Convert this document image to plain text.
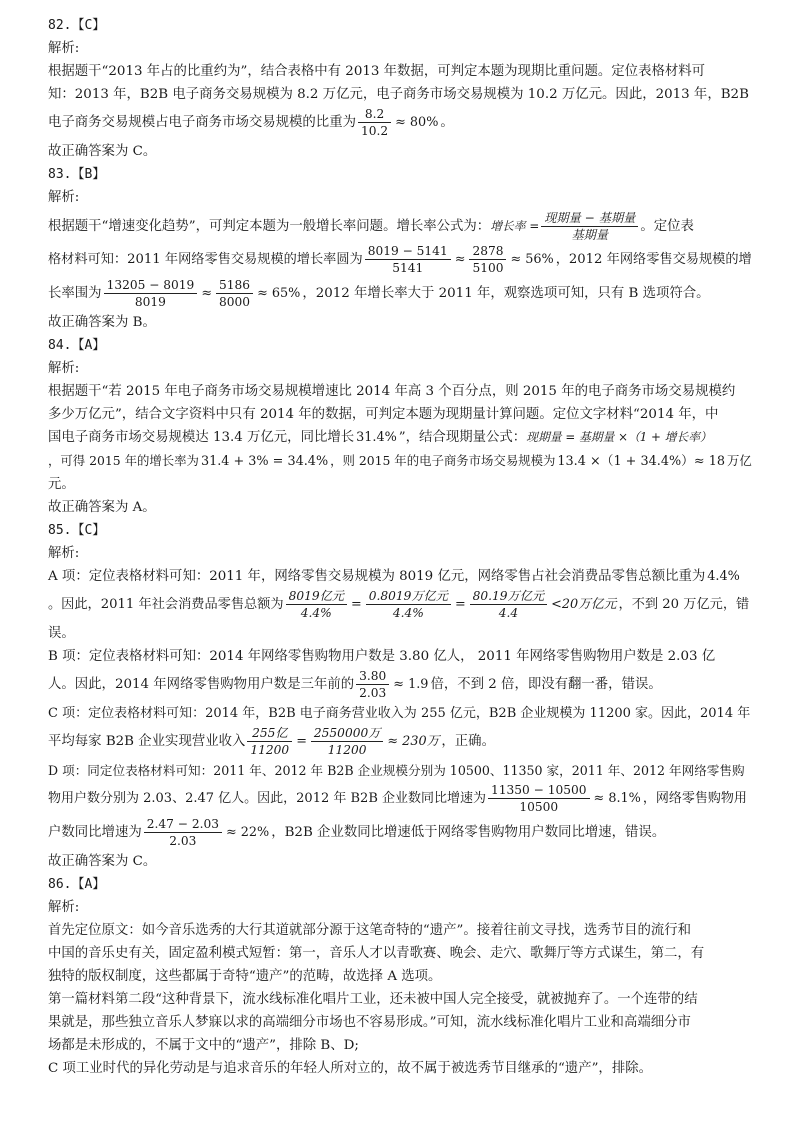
82.【C】
解析:
根据题干“2013 年占的比重约为”，结合表格中有 2013 年数据，可判定本题为现期比重问题。定位表格材料可
知：2013 年，B2B 电子商务交易规模为 8.2 万亿元，电子商务市场交易规模为 10.2 万亿元。因此，2013 年，B2B
电子商务交易规模占电子商务市场交易规模的比重为 $\frac{8.2}{10.2} \approx 80\%$ 。
故正确答案为 C。
83.【B】
解析:
根据题干“增速变化趋势”，可判定本题为一般增长率问题。增长率公式为：增长率 = $\frac{\text{现期量 − 基期量}}{\text{基期量}}$ 。定位表
格材料可知：2011 年网络零售交易规模的增长率圆为 $\frac{8019 - 5141}{5141} \approx \frac{2878}{5100} \approx 56\%$ ，2012 年网络零售交易规模的增
长率围为 $\frac{13205 - 8019}{8019} \approx \frac{5186}{8000} \approx 65\%$ ，2012 年增长率大于 2011 年，观察选项可知，只有 B 选项符合。
故正确答案为 B。
84.【A】
解析:
根据题干“若 2015 年电子商务市场交易规模增速比 2014 年高 3 个百分点，则 2015 年的电子商务市场交易规模约
多少万亿元”，结合文字资料中只有 2014 年的数据，可判定本题为现期量计算问题。定位文字材料“2014 年，中
国电子商务市场交易规模达 13.4 万亿元，同比增长 31.4% ”，结合现期量公式：现期量 = 基期量 ×（1 + 增长率）
，可得 2015 年的增长率为 31.4 + 3% = 34.4% ，则 2015 年的电子商务市场交易规模为 13.4 ×（1 + 34.4%）≈ 18 万亿
元。
故正确答案为 A。
85.【C】
解析:
A 项：定位表格材料可知：2011 年，网络零售交易规模为 8019 亿元，网络零售占社会消费品零售总额比重为 4.4%
。因此，2011 年社会消费品零售总额为 $\frac{\text{8019亿元}}{4.4\%} = \frac{\text{0.8019万亿元}}{4.4\%} = \frac{\text{80.19万亿元}}{4.4} <20$万亿元 ，不到 20 万亿元，错
误。
B 项：定位表格材料可知：2014 年网络零售购物用户数是 3.80 亿人， 2011 年网络零售购物用户数是 2.03 亿
人。因此，2014 年网络零售购物用户数是三年前的 $\frac{3.80}{2.03} \approx 1.9$ 倍，不到 2 倍，即没有翻一番，错误。
C 项：定位表格材料可知：2014 年，B2B 电子商务营业收入为 255 亿元，B2B 企业规模为 11200 家。因此，2014 年
平均每家 B2B 企业实现营业收入 $\frac{\text{255亿}}{11200} = \frac{\text{2550000万}}{11200} \approx 230$万 ，正确。
D 项：同定位表格材料可知：2011 年、2012 年 B2B 企业规模分别为 10500、11350 家，2011 年、2012 年网络零售购
物用户数分别为 2.03、2.47 亿人。因此，2012 年 B2B 企业数同比增速为 $\frac{11350 - 10500}{10500} \approx 8.1\%$ ，网络零售购物用
户数同比增速为 $\frac{2.47 - 2.03}{2.03} \approx 22\%$ ，B2B 企业数同比增速低于网络零售购物用户数同比增速，错误。
故正确答案为 C。
86.【A】
解析:
首先定位原文：如今音乐选秀的大行其道就部分源于这笔奇特的“遗产”。接着往前文寻找，选秀节目的流行和
中国的音乐史有关，固定盈利模式短暂：第一，音乐人才以青歌赛、晚会、走穴、歌舞厅等方式谋生，第二，有
独特的版权制度，这些都属于奇特“遗产”的范畴，故选择 A 选项。
第一篇材料第二段“这种背景下，流水线标准化唱片工业，还未被中国人完全接受，就被抛弃了。一个连带的结
果就是，那些独立音乐人梦寐以求的高端细分市场也不容易形成。”可知，流水线标准化唱片工业和高端细分市
场都是未形成的，不属于文中的“遗产”，排除 B、D;
C 项工业时代的异化劳动是与追求音乐的年轻人所对立的，故不属于被选秀节目继承的“遗产”，排除。
